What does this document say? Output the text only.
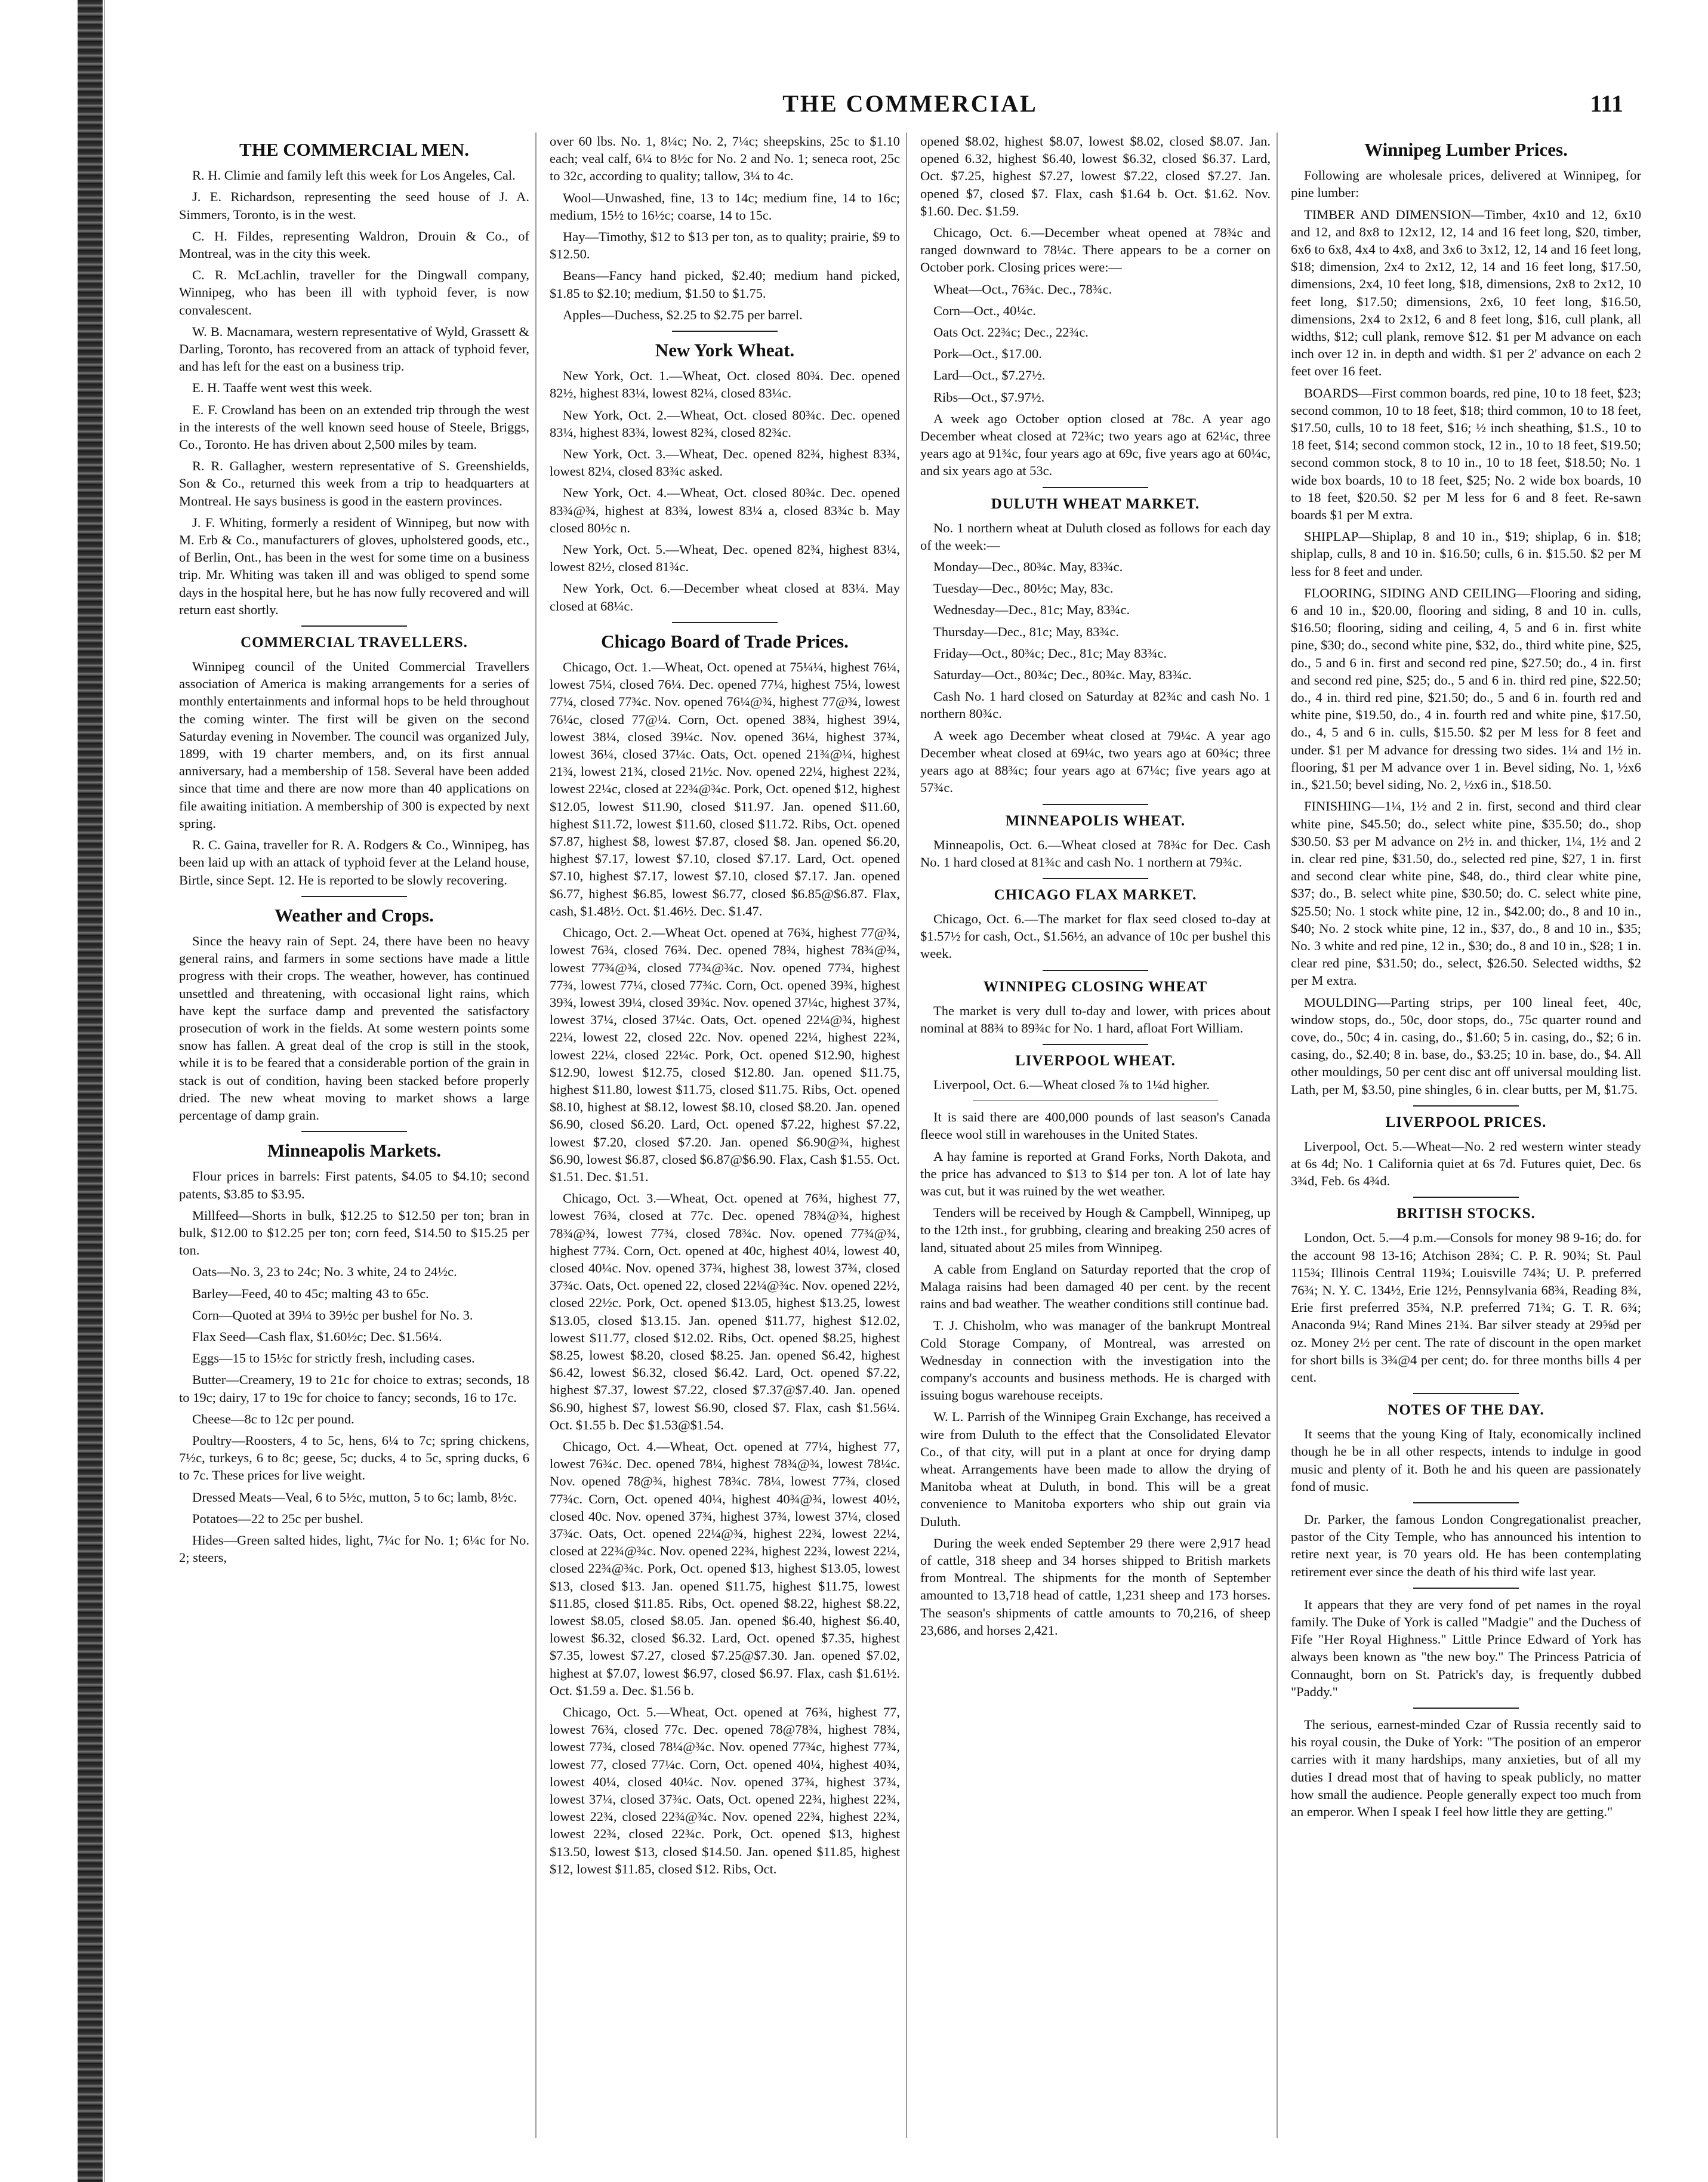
THE COMMERCIAL	111
THE COMMERCIAL MEN.

R. H. Climie and family left this week for Los Angeles, Cal.

J. E. Richardson, representing the seed house of J. A. Simmers, Toronto, is in the west.

C. H. Fildes, representing Waldron, Drouin & Co., of Montreal, was in the city this week.

C. R. McLachlin, traveller for the Dingwall company, Winnipeg, who has been ill with typhoid fever, is now convalescent.

W. B. Macnamara, western representative of Wyld, Grassett & Darling, Toronto, has recovered from an attack of typhoid fever, and has left for the east on a business trip.

E. H. Taaffe went west this week.

E. F. Crowland has been on an extended trip through the west in the interests of the well known seed house of Steele, Briggs, Co., Toronto. He has driven about 2,500 miles by team.

R. R. Gallagher, western representative of S. Greenshields, Son & Co., returned this week from a trip to headquarters at Montreal. He says business is good in the eastern provinces.

J. F. Whiting, formerly a resident of Winnipeg, but now with M. Erb & Co., manufacturers of gloves, upholstered goods, etc., of Berlin, Ont., has been in the west for some time on a business trip. Mr. Whiting was taken ill and was obliged to spend some days in the hospital here, but he has now fully recovered and will return east shortly.

COMMERCIAL TRAVELLERS.

Winnipeg council of the United Commercial Travellers association of America is making arrangements for a series of monthly entertainments and informal hops to be held throughout the coming winter. The first will be given on the second Saturday evening in November. The council was organized July, 1899, with 19 charter members, and, on its first annual anniversary, had a membership of 158. Several have been added since that time and there are now more than 40 applications on file awaiting initiation. A membership of 300 is expected by next spring.

R. C. Gaina, traveller for R. A. Rodgers & Co., Winnipeg, has been laid up with an attack of typhoid fever at the Leland house, Birtle, since Sept. 12. He is reported to be slowly recovering.

Weather and Crops.

Since the heavy rain of Sept. 24, there have been no heavy general rains, and farmers in some sections have made a little progress with their crops. The weather, however, has continued unsettled and threatening, with occasional light rains, which have kept the surface damp and prevented the satisfactory prosecution of work in the fields. At some western points some snow has fallen. A great deal of the crop is still in the stook, while it is to be feared that a considerable portion of the grain in stack is out of condition, having been stacked before properly dried. The new wheat moving to market shows a large percentage of damp grain.

Minneapolis Markets.

Flour prices in barrels: First patents, $4.05 to $4.10; second patents, $3.85 to $3.95.

Millfeed—Shorts in bulk, $12.25 to $12.50 per ton; bran in bulk, $12.00 to $12.25 per ton; corn feed, $14.50 to $15.25 per ton.

Oats—No. 3, 23 to 24c; No. 3 white, 24 to 24½c.

Barley—Feed, 40 to 45c; malting 43 to 65c.

Corn—Quoted at 39¼ to 39½c per bushel for No. 3.

Flax Seed—Cash flax, $1.60½c; Dec. $1.56¼.

Eggs—15 to 15½c for strictly fresh, including cases.

Butter—Creamery, 19 to 21c for choice to extras; seconds, 18 to 19c; dairy, 17 to 19c for choice to fancy; seconds, 16 to 17c.

Cheese—8c to 12c per pound.

Poultry—Roosters, 4 to 5c, hens, 6¼ to 7c; spring chickens, 7½c, turkeys, 6 to 8c; geese, 5c; ducks, 4 to 5c, spring ducks, 6 to 7c. These prices for live weight.

Dressed Meats—Veal, 6 to 5½c, mutton, 5 to 6c; lamb, 8½c.

Potatoes—22 to 25c per bushel.

Hides—Green salted hides, light, 7¼c for No. 1; 6¼c for No. 2; steers,

over 60 lbs. No. 1, 8¼c; No. 2, 7¼c; sheepskins, 25c to $1.10 each; veal calf, 6¼ to 8½c for No. 2 and No. 1; seneca root, 25c to 32c, according to quality; tallow, 3¼ to 4c.

Wool—Unwashed, fine, 13 to 14c; medium fine, 14 to 16c; medium, 15½ to 16½c; coarse, 14 to 15c.

Hay—Timothy, $12 to $13 per ton, as to quality; prairie, $9 to $12.50.

Beans—Fancy hand picked, $2.40; medium hand picked, $1.85 to $2.10; medium, $1.50 to $1.75.

Apples—Duchess, $2.25 to $2.75 per barrel.

New York Wheat.

New York, Oct. 1.—Wheat, Oct. closed 80¾. Dec. opened 82½, highest 83¼, lowest 82¼, closed 83¼c.

New York, Oct. 2.—Wheat, Oct. closed 80¾c. Dec. opened 83¼, highest 83¾, lowest 82¾, closed 82¾c.

New York, Oct. 3.—Wheat, Dec. opened 82¾, highest 83¾, lowest 82¼, closed 83¾c asked.

New York, Oct. 4.—Wheat, Oct. closed 80¾c. Dec. opened 83¾@¾, highest at 83¾, lowest 83¼ a, closed 83¾c b. May closed 80½c n.

New York, Oct. 5.—Wheat, Dec. opened 82¾, highest 83¼, lowest 82½, closed 81¾c.

New York, Oct. 6.—December wheat closed at 83¼. May closed at 68¼c.

Chicago Board of Trade Prices.

Chicago, Oct. 1.—Wheat, Oct. opened at 75¼¼, highest 76¼, lowest 75¼, closed 76¼. Dec. opened 77¼, highest 75¼, lowest 77¼, closed 77¾c. Nov. opened 76¼@¾, highest 77@¾, lowest 76¼c, closed 77@¼. Corn, Oct. opened 38¾, highest 39¼, lowest 38¼, closed 39¼c. Nov. opened 36¼, highest 37¾, lowest 36¼, closed 37¼c. Oats, Oct. opened 21¾@¼, highest 21¾, lowest 21¾, closed 21½c. Nov. opened 22¼, highest 22¾, lowest 22¼c, closed at 22¾@¾c. Pork, Oct. opened $12, highest $12.05, lowest $11.90, closed $11.97. Jan. opened $11.60, highest $11.72, lowest $11.60, closed $11.72. Ribs, Oct. opened $7.87, highest $8, lowest $7.87, closed $8. Jan. opened $6.20, highest $7.17, lowest $7.10, closed $7.17. Lard, Oct. opened $7.10, highest $7.17, lowest $7.10, closed $7.17. Jan. opened $6.77, highest $6.85, lowest $6.77, closed $6.85@$6.87. Flax, cash, $1.48½. Oct. $1.46½. Dec. $1.47.

Chicago, Oct. 2.—Wheat Oct. opened at 76¾, highest 77@¾, lowest 76¾, closed 76¾. Dec. opened 78¾, highest 78¾@¾, lowest 77¾@¾, closed 77¾@¾c. Nov. opened 77¾, highest 77¾, lowest 77¼, closed 77¾c. Corn, Oct. opened 39¾, highest 39¾, lowest 39¼, closed 39¾c. Nov. opened 37¼c, highest 37¾, lowest 37¼, closed 37¼c. Oats, Oct. opened 22¼@¾, highest 22¼, lowest 22, closed 22c. Nov. opened 22¼, highest 22¾, lowest 22¼, closed 22¼c. Pork, Oct. opened $12.90, highest $12.90, lowest $12.75, closed $12.80. Jan. opened $11.75, highest $11.80, lowest $11.75, closed $11.75. Ribs, Oct. opened $8.10, highest at $8.12, lowest $8.10, closed $8.20. Jan. opened $6.90, closed $6.20. Lard, Oct. opened $7.22, highest $7.22, lowest $7.20, closed $7.20. Jan. opened $6.90@¾, highest $6.90, lowest $6.87, closed $6.87@$6.90. Flax, Cash $1.55. Oct. $1.51. Dec. $1.51.

Chicago, Oct. 3.—Wheat, Oct. opened at 76¾, highest 77, lowest 76¾, closed at 77c. Dec. opened 78¾@¾, highest 78¾@¾, lowest 77¾, closed 78¾c. Nov. opened 77¾@¾, highest 77¾. Corn, Oct. opened at 40c, highest 40¼, lowest 40, closed 40¼c. Nov. opened 37¾, highest 38, lowest 37¾, closed 37¾c. Oats, Oct. opened 22, closed 22¼@¾c. Nov. opened 22½, closed 22½c. Pork, Oct. opened $13.05, highest $13.25, lowest $13.05, closed $13.15. Jan. opened $11.77, highest $12.02, lowest $11.77, closed $12.02. Ribs, Oct. opened $8.25, highest $8.25, lowest $8.20, closed $8.25. Jan. opened $6.42, highest $6.42, lowest $6.32, closed $6.42. Lard, Oct. opened $7.22, highest $7.37, lowest $7.22, closed $7.37@$7.40. Jan. opened $6.90, highest $7, lowest $6.90, closed $7. Flax, cash $1.56¼. Oct. $1.55 b. Dec $1.53@$1.54.

Chicago, Oct. 4.—Wheat, Oct. opened at 77¼, highest 77, lowest 76¾c. Dec. opened 78¼, highest 78¾@¾, lowest 78¼c. Nov. opened 78@¾, highest 78¾c. 78¼, lowest 77¾, closed 77¾c. Corn, Oct. opened 40¼, highest 40¾@¾, lowest 40½, closed 40c. Nov. opened 37¾, highest 37¾, lowest 37¼, closed 37¾c. Oats, Oct. opened 22¼@¾, highest 22¾, lowest 22¼, closed at 22¾@¾c. Nov. opened 22¾, highest 22¾, lowest 22¼, closed 22¾@¾c. Pork, Oct. opened $13, highest $13.05, lowest $13, closed $13. Jan. opened $11.75, highest $11.75, lowest $11.85, closed $11.85. Ribs, Oct. opened $8.22, highest $8.22, lowest $8.05, closed $8.05. Jan. opened $6.40, highest $6.40, lowest $6.32, closed $6.32. Lard, Oct. opened $7.35, highest $7.35, lowest $7.27, closed $7.25@$7.30. Jan. opened $7.02, highest at $7.07, lowest $6.97, closed $6.97. Flax, cash $1.61½. Oct. $1.59 a. Dec. $1.56 b.

Chicago, Oct. 5.—Wheat, Oct. opened at 76¾, highest 77, lowest 76¾, closed 77c. Dec. opened 78@78¾, highest 78¾, lowest 77¾, closed 78¼@¾c. Nov. opened 77¾c, highest 77¾, lowest 77, closed 77¼c. Corn, Oct. opened 40¼, highest 40¾, lowest 40¼, closed 40¼c. Nov. opened 37¾, highest 37¾, lowest 37¼, closed 37¾c. Oats, Oct. opened 22¾, highest 22¾, lowest 22¾, closed 22¾@¾c. Nov. opened 22¾, highest 22¾, lowest 22¾, closed 22¾c. Pork, Oct. opened $13, highest $13.50, lowest $13, closed $14.50. Jan. opened $11.85, highest $12, lowest $11.85, closed $12. Ribs, Oct.

opened $8.02, highest $8.07, lowest $8.02, closed $8.07. Jan. opened 6.32, highest $6.40, lowest $6.32, closed $6.37. Lard, Oct. $7.25, highest $7.27, lowest $7.22, closed $7.27. Jan. opened $7, closed $7. Flax, cash $1.64 b. Oct. $1.62. Nov. $1.60. Dec. $1.59.

Chicago, Oct. 6.—December wheat opened at 78¾c and ranged downward to 78¼c. There appears to be a corner on October pork. Closing prices were:—

Wheat—Oct., 76¾c. Dec., 78¾c.

Corn—Oct., 40¼c.

Oats Oct. 22¾c; Dec., 22¾c.

Pork—Oct., $17.00.

Lard—Oct., $7.27½.

Ribs—Oct., $7.97½.

A week ago October option closed at 78c. A year ago December wheat closed at 72¾c; two years ago at 62¼c, three years ago at 91¾c, four years ago at 69c, five years ago at 60¼c, and six years ago at 53c.

DULUTH WHEAT MARKET.

No. 1 northern wheat at Duluth closed as follows for each day of the week:—

Monday—Dec., 80¾c. May, 83¾c.

Tuesday—Dec., 80½c; May, 83c.

Wednesday—Dec., 81c; May, 83¾c.

Thursday—Dec., 81c; May, 83¾c.

Friday—Oct., 80¾c; Dec., 81c; May 83¾c.

Saturday—Oct., 80¾c; Dec., 80¾c. May, 83¾c.

Cash No. 1 hard closed on Saturday at 82¾c and cash No. 1 northern 80¾c.

A week ago December wheat closed at 79¼c. A year ago December wheat closed at 69¼c, two years ago at 60¾c; three years ago at 88¾c; four years ago at 67¼c; five years ago at 57¾c.

MINNEAPOLIS WHEAT.

Minneapolis, Oct. 6.—Wheat closed at 78¾c for Dec. Cash No. 1 hard closed at 81¾c and cash No. 1 northern at 79¾c.

CHICAGO FLAX MARKET.

Chicago, Oct. 6.—The market for flax seed closed to-day at $1.57½ for cash, Oct., $1.56½, an advance of 10c per bushel this week.

WINNIPEG CLOSING WHEAT

The market is very dull to-day and lower, with prices about nominal at 88¾ to 89¾c for No. 1 hard, afloat Fort William.

LIVERPOOL WHEAT.

Liverpool, Oct. 6.—Wheat closed ⅞ to 1¼d higher.

It is said there are 400,000 pounds of last season's Canada fleece wool still in warehouses in the United States.

A hay famine is reported at Grand Forks, North Dakota, and the price has advanced to $13 to $14 per ton. A lot of late hay was cut, but it was ruined by the wet weather.

Tenders will be received by Hough & Campbell, Winnipeg, up to the 12th inst., for grubbing, clearing and breaking 250 acres of land, situated about 25 miles from Winnipeg.

A cable from England on Saturday reported that the crop of Malaga raisins had been damaged 40 per cent. by the recent rains and bad weather. The weather conditions still continue bad.

T. J. Chisholm, who was manager of the bankrupt Montreal Cold Storage Company, of Montreal, was arrested on Wednesday in connection with the investigation into the company's accounts and business methods. He is charged with issuing bogus warehouse receipts.

W. L. Parrish of the Winnipeg Grain Exchange, has received a wire from Duluth to the effect that the Consolidated Elevator Co., of that city, will put in a plant at once for drying damp wheat. Arrangements have been made to allow the drying of Manitoba wheat at Duluth, in bond. This will be a great convenience to Manitoba exporters who ship out grain via Duluth.

During the week ended September 29 there were 2,917 head of cattle, 318 sheep and 34 horses shipped to British markets from Montreal. The shipments for the month of September amounted to 13,718 head of cattle, 1,231 sheep and 173 horses. The season's shipments of cattle amounts to 70,216, of sheep 23,686, and horses 2,421.

Winnipeg Lumber Prices.

Following are wholesale prices, delivered at Winnipeg, for pine lumber:

TIMBER AND DIMENSION—Timber, 4x10 and 12, 6x10 and 12, and 8x8 to 12x12, 12, 14 and 16 feet long, $20, timber, 6x6 to 6x8, 4x4 to 4x8, and 3x6 to 3x12, 12, 14 and 16 feet long, $18; dimension, 2x4 to 2x12, 12, 14 and 16 feet long, $17.50, dimensions, 2x4, 10 feet long, $18, dimensions, 2x8 to 2x12, 10 feet long, $17.50; dimensions, 2x6, 10 feet long, $16.50, dimensions, 2x4 to 2x12, 6 and 8 feet long, $16, cull plank, all widths, $12; cull plank, remove $12. $1 per M advance on each inch over 12 in. in depth and width. $1 per 2' advance on each 2 feet over 16 feet.

BOARDS—First common boards, red pine, 10 to 18 feet, $23; second common, 10 to 18 feet, $18; third common, 10 to 18 feet, $17.50, culls, 10 to 18 feet, $16; ½ inch sheathing, $1.S., 10 to 18 feet, $14; second common stock, 12 in., 10 to 18 feet, $19.50; second common stock, 8 to 10 in., 10 to 18 feet, $18.50; No. 1 wide box boards, 10 to 18 feet, $25; No. 2 wide box boards, 10 to 18 feet, $20.50. $2 per M less for 6 and 8 feet. Re-sawn boards $1 per M extra.

SHIPLAP—Shiplap, 8 and 10 in., $19; shiplap, 6 in. $18; shiplap, culls, 8 and 10 in. $16.50; culls, 6 in. $15.50. $2 per M less for 8 feet and under.

FLOORING, SIDING AND CEILING—Flooring and siding, 6 and 10 in., $20.00, flooring and siding, 8 and 10 in. culls, $16.50; flooring, siding and ceiling, 4, 5 and 6 in. first white pine, $30; do., second white pine, $32, do., third white pine, $25, do., 5 and 6 in. first and second red pine, $27.50; do., 4 in. first and second red pine, $25; do., 5 and 6 in. third red pine, $22.50; do., 4 in. third red pine, $21.50; do., 5 and 6 in. fourth red and white pine, $19.50, do., 4 in. fourth red and white pine, $17.50, do., 4, 5 and 6 in. culls, $15.50. $2 per M less for 8 feet and under. $1 per M advance for dressing two sides. 1¼ and 1½ in. flooring, $1 per M advance over 1 in. Bevel siding, No. 1, ½x6 in., $21.50; bevel siding, No. 2, ½x6 in., $18.50.

FINISHING—1¼, 1½ and 2 in. first, second and third clear white pine, $45.50; do., select white pine, $35.50; do., shop $30.50. $3 per M advance on 2½ in. and thicker, 1¼, 1½ and 2 in. clear red pine, $31.50, do., selected red pine, $27, 1 in. first and second clear white pine, $48, do., third clear white pine, $37; do., B. select white pine, $30.50; do. C. select white pine, $25.50; No. 1 stock white pine, 12 in., $42.00; do., 8 and 10 in., $40; No. 2 stock white pine, 12 in., $37, do., 8 and 10 in., $35; No. 3 white and red pine, 12 in., $30; do., 8 and 10 in., $28; 1 in. clear red pine, $31.50; do., select, $26.50. Selected widths, $2 per M extra.

MOULDING—Parting strips, per 100 lineal feet, 40c, window stops, do., 50c, door stops, do., 75c quarter round and cove, do., 50c; 4 in. casing, do., $1.60; 5 in. casing, do., $2; 6 in. casing, do., $2.40; 8 in. base, do., $3.25; 10 in. base, do., $4. All other mouldings, 50 per cent disc ant off universal moulding list. Lath, per M, $3.50, pine shingles, 6 in. clear butts, per M, $1.75.

LIVERPOOL PRICES.

Liverpool, Oct. 5.—Wheat—No. 2 red western winter steady at 6s 4d; No. 1 California quiet at 6s 7d. Futures quiet, Dec. 6s 3¾d, Feb. 6s 4¾d.

BRITISH STOCKS.

London, Oct. 5.—4 p.m.—Consols for money 98 9-16; do. for the account 98 13-16; Atchison 28¾; C. P. R. 90¾; St. Paul 115¾; Illinois Central 119¾; Louisville 74¾; U. P. preferred 76¾; N. Y. C. 134½, Erie 12½, Pennsylvania 68¾, Reading 8¾, Erie first preferred 35¾, N.P. preferred 71¾; G. T. R. 6¾; Anaconda 9¼; Rand Mines 21¾. Bar silver steady at 29⅝d per oz. Money 2½ per cent. The rate of discount in the open market for short bills is 3¾@4 per cent; do. for three months bills 4 per cent.

NOTES OF THE DAY.

It seems that the young King of Italy, economically inclined though he be in all other respects, intends to indulge in good music and plenty of it. Both he and his queen are passionately fond of music.

Dr. Parker, the famous London Congregationalist preacher, pastor of the City Temple, who has announced his intention to retire next year, is 70 years old. He has been contemplating retirement ever since the death of his third wife last year.

It appears that they are very fond of pet names in the royal family. The Duke of York is called "Madgie" and the Duchess of Fife "Her Royal Highness." Little Prince Edward of York has always been known as "the new boy." The Princess Patricia of Connaught, born on St. Patrick's day, is frequently dubbed "Paddy."

The serious, earnest-minded Czar of Russia recently said to his royal cousin, the Duke of York: "The position of an emperor carries with it many hardships, many anxieties, but of all my duties I dread most that of having to speak publicly, no matter how small the audience. People generally expect too much from an emperor. When I speak I feel how little they are getting."
